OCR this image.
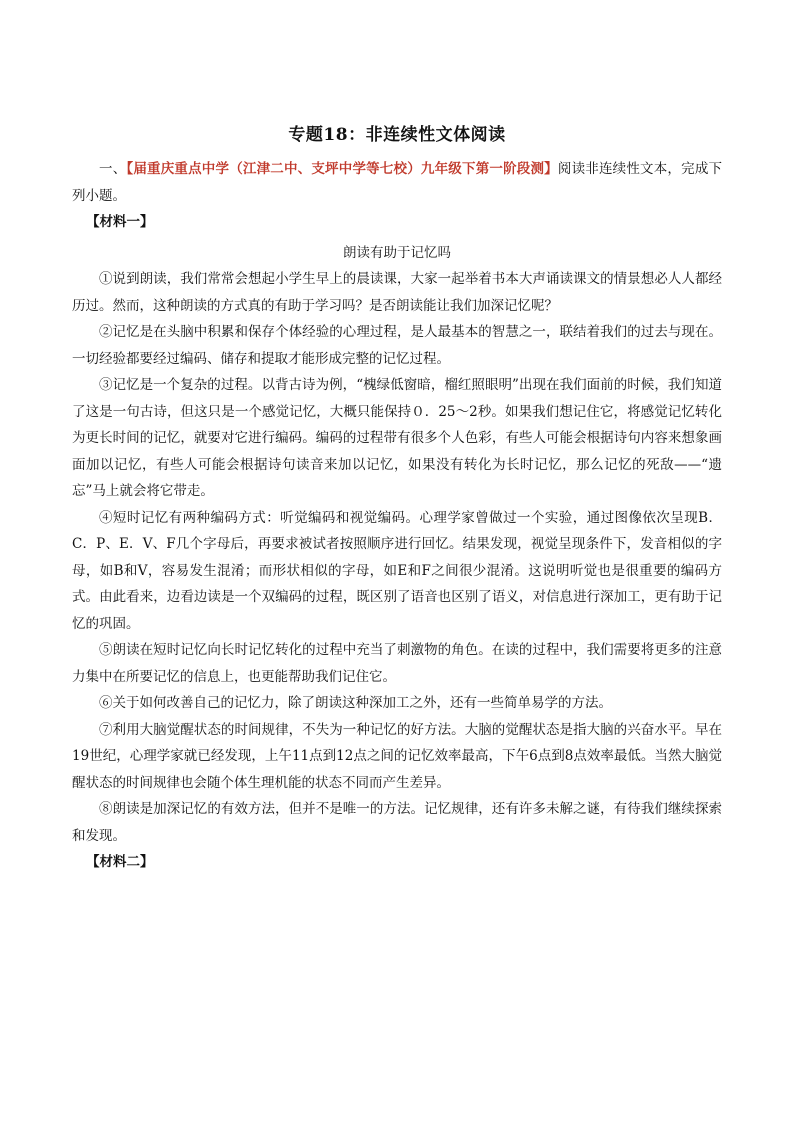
专题18：非连续性文体阅读

一、【届重庆重点中学（江津二中、支坪中学等七校）九年级下第一阶段测】阅读非连续性文本，完成下列小题。

【材料一】

朗读有助于记忆吗

①说到朗读，我们常常会想起小学生早上的晨读课，大家一起举着书本大声诵读课文的情景想必人人都经历过。然而，这种朗读的方式真的有助于学习吗？是否朗读能让我们加深记忆呢？

②记忆是在头脑中积累和保存个体经验的心理过程，是人最基本的智慧之一，联结着我们的过去与现在。一切经验都要经过编码、储存和提取才能形成完整的记忆过程。

③记忆是一个复杂的过程。以背古诗为例，“槐绿低窗暗，榴红照眼明”出现在我们面前的时候，我们知道了这是一句古诗，但这只是一个感觉记忆，大概只能保持０．25～2秒。如果我们想记住它，将感觉记忆转化为更长时间的记忆，就要对它进行编码。编码的过程带有很多个人色彩，有些人可能会根据诗句内容来想象画面加以记忆，有些人可能会根据诗句读音来加以记忆，如果没有转化为长时记忆，那么记忆的死敌——“遗忘”马上就会将它带走。

④短时记忆有两种编码方式：听觉编码和视觉编码。心理学家曾做过一个实验，通过图像依次呈现B．C．P、E．V、F几个字母后，再要求被试者按照顺序进行回忆。结果发现，视觉呈现条件下，发音相似的字母，如B和V，容易发生混淆；而形状相似的字母，如E和F之间很少混淆。这说明听觉也是很重要的编码方式。由此看来，边看边读是一个双编码的过程，既区别了语音也区别了语义，对信息进行深加工，更有助于记忆的巩固。

⑤朗读在短时记忆向长时记忆转化的过程中充当了刺激物的角色。在读的过程中，我们需要将更多的注意力集中在所要记忆的信息上，也更能帮助我们记住它。

⑥关于如何改善自己的记忆力，除了朗读这种深加工之外，还有一些简单易学的方法。

⑦利用大脑觉醒状态的时间规律，不失为一种记忆的好方法。大脑的觉醒状态是指大脑的兴奋水平。早在19世纪，心理学家就已经发现，上午11点到12点之间的记忆效率最高，下午6点到8点效率最低。当然大脑觉醒状态的时间规律也会随个体生理机能的状态不同而产生差异。

⑧朗读是加深记忆的有效方法，但并不是唯一的方法。记忆规律，还有许多未解之谜，有待我们继续探索和发现。

【材料二】
